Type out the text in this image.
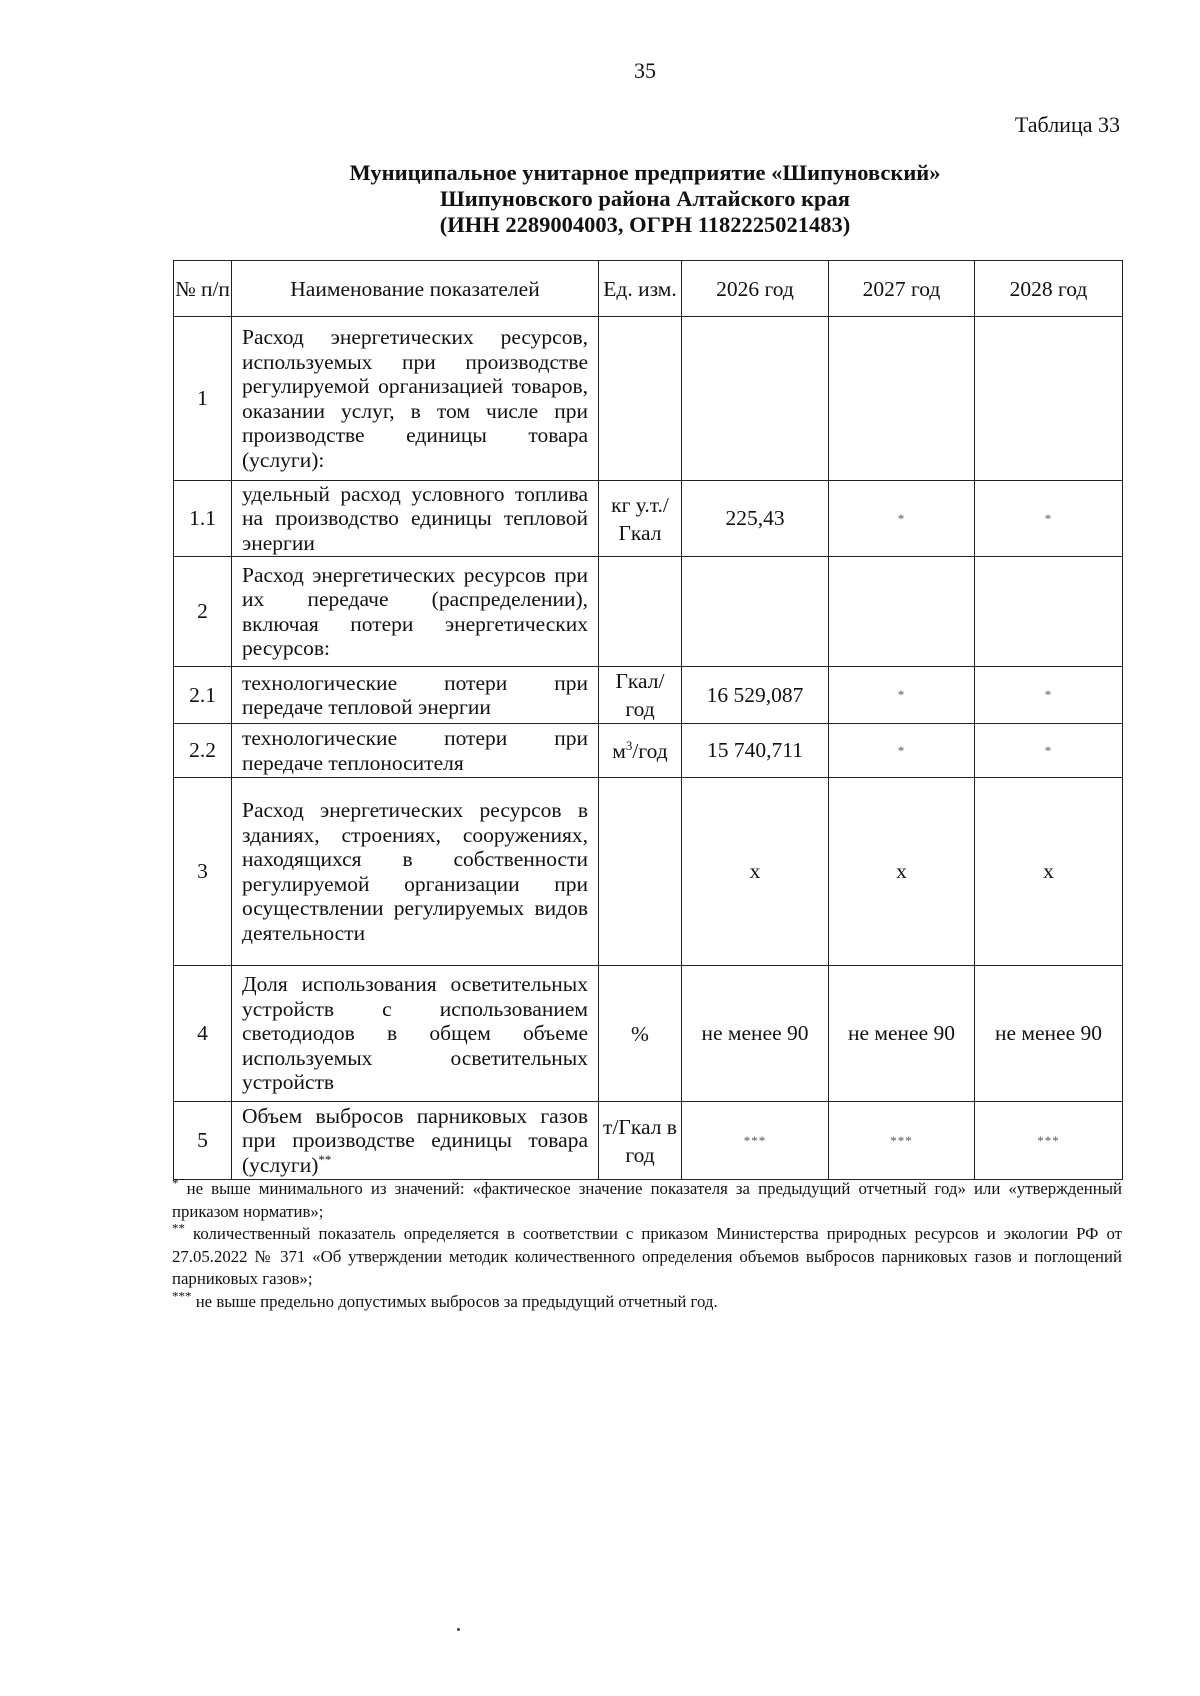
35
Таблица 33
Муниципальное унитарное предприятие «Шипуновский»
Шипуновского района Алтайского края
(ИНН 2289004003, ОГРН 1182225021483)
№ п/п	Наименование показателей	Ед. изм.	2026 год	2027 год	2028 год
1	Расход энергетических ресурсов, используемых при производстве регулируемой организацией товаров, оказании услуг, в том числе при производстве единицы товара (услуги):				
1.1	удельный расход условного топлива на производство единицы тепловой энергии	кг у.т./ Гкал	225,43	*	*
2	Расход энергетических ресурсов при их передаче (распределении), включая потери энергетических ресурсов:				
2.1	технологические потери при передаче тепловой энергии	Гкал/ год	16 529,087	*	*
2.2	технологические потери при передаче теплоносителя	$м^3$/год	15 740,711	*	*
3	Расход энергетических ресурсов в зданиях, строениях, сооружениях, находящихся в собственности регулируемой организации при осуществлении регулируемых видов деятельности		x	x	x
4	Доля использования осветительных устройств с использованием светодиодов в общем объеме используемых осветительных устройств	%	не менее 90	не менее 90	не менее 90
5	Объем выбросов парниковых газов при производстве единицы товара (услуги)**	т/Гкал в год	***	***	***

* не выше минимального из значений: «фактическое значение показателя за предыдущий отчетный год» или «утвержденный приказом норматив»;

** количественный показатель определяется в соответствии с приказом Министерства природных ресурсов и экологии РФ от 27.05.2022 № 371 «Об утверждении методик количественного определения объемов выбросов парниковых газов и поглощений парниковых газов»;

*** не выше предельно допустимых выбросов за предыдущий отчетный год.
